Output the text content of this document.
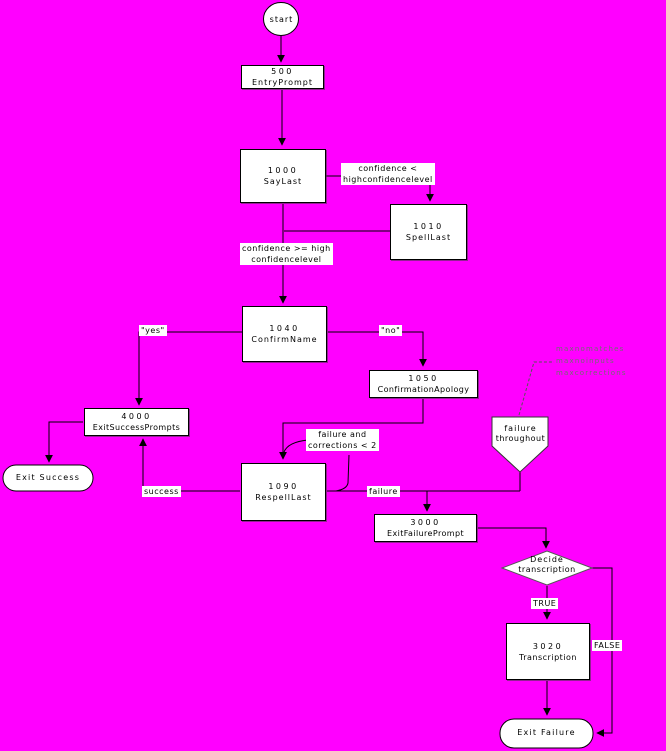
start
Exit Success
Exit Failure
failure
throughout
Decide
transcription
500
EntryPrompt
1000
SayLast
1010
SpellLast
1040
ConfirmName
1050
ConfirmationApology
4000
ExitSuccessPrompts
1090
RespellLast
3000
ExitFailurePrompt
3020
Transcription
confidence <
highconfidencelevel
confidence >= high
confidencelevel
"yes"	"no"
failure and
corrections < 2
success	failure
TRUE
FALSE
maxnomatches
maxnoinputs
maxcorrections
